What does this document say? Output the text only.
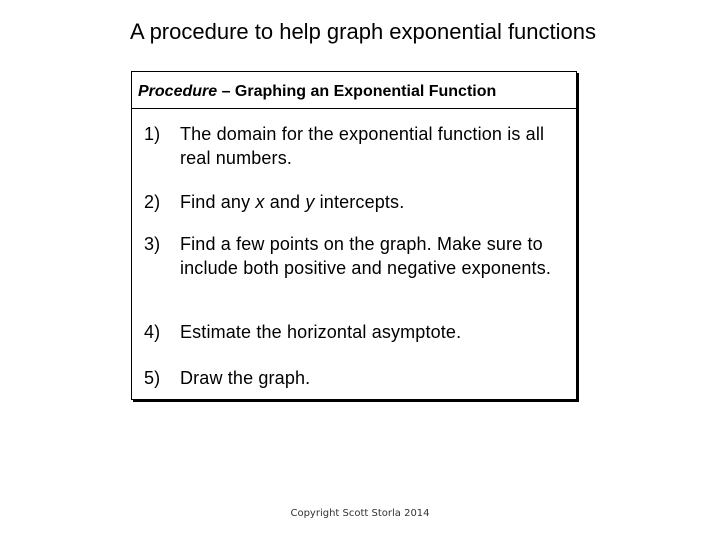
A procedure to help graph exponential functions
Procedure – Graphing an Exponential Function
1) The domain for the exponential function is all real numbers.
2) Find any x and y intercepts.
3) Find a few points on the graph. Make sure to include both positive and negative exponents.
4) Estimate the horizontal asymptote.
5) Draw the graph.
Copyright Scott Storla 2014
